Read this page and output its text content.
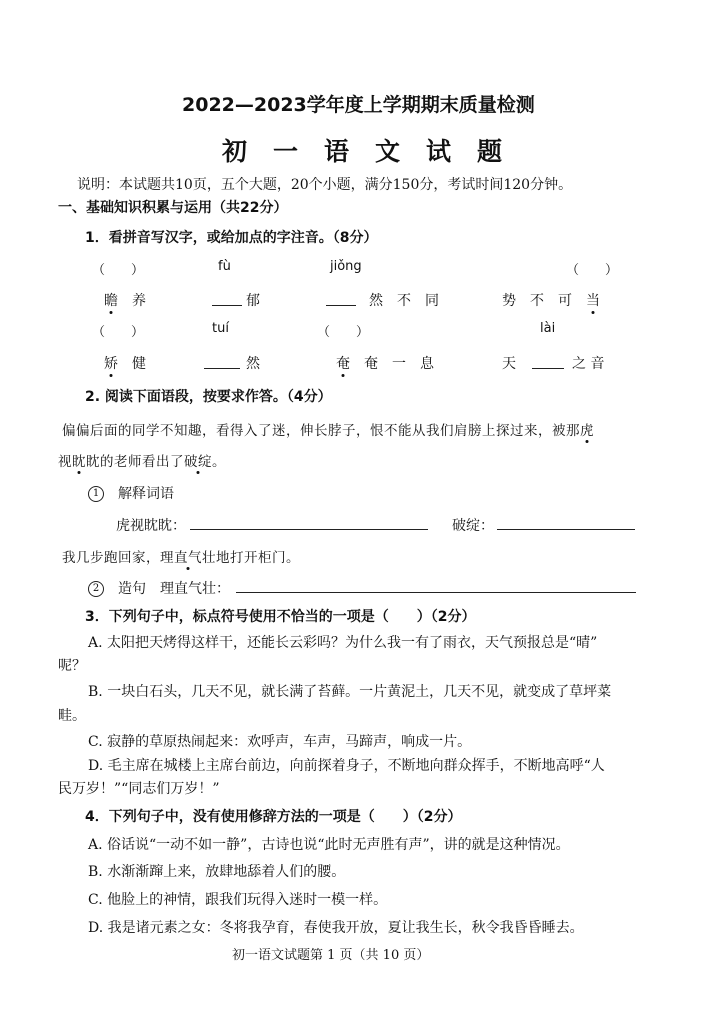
2022—2023学年度上学期期末质量检测
初一语文试题
说明：本试题共10页，五个大题，20个小题，满分150分，考试时间120分钟。
一、基础知识积累与运用（共22分）
1．看拼音写汉字，或给加点的字注音。（8分）
（　　）	fù	jiǒng	（　　）
瞻 养	郁	然　不　同	势　不　可　 当
（　　）	tuí	（　　）	lài
矫 健	然	奄 奄　一　息	天	之 音
2. 阅读下面语段，按要求作答。（4分）
偏偏后面的同学不知趣，看得入了迷，伸长脖子，恨不能从我们肩膀上探过来，被那虎
视眈眈的老师看出了破绽。
1 解释词语
虎视眈眈：	破绽：
我几步跑回家，理直气壮地打开柜门。
2 造句　理直气壮：
3．下列句子中，标点符号使用不恰当的一项是（　　）（2分）
A. 太阳把天烤得这样干，还能长云彩吗？为什么我一有了雨衣，天气预报总是“晴”
呢？
B. 一块白石头，几天不见，就长满了苔藓。一片黄泥土，几天不见，就变成了草坪菜
畦。
C. 寂静的草原热闹起来：欢呼声，车声，马蹄声，响成一片。
D. 毛主席在城楼上主席台前边，向前探着身子，不断地向群众挥手，不断地高呼“人
民万岁！”“同志们万岁！”
4．下列句子中，没有使用修辞方法的一项是（　　）（2分）
A. 俗话说“一动不如一静”，古诗也说“此时无声胜有声”，讲的就是这种情况。
B. 水渐渐蹿上来，放肆地舔着人们的腰。
C. 他脸上的神情，跟我们玩得入迷时一模一样。
D. 我是诸元素之女：冬将我孕育，春使我开放，夏让我生长，秋令我昏昏睡去。
初一语文试题第 1 页（共 10 页）
